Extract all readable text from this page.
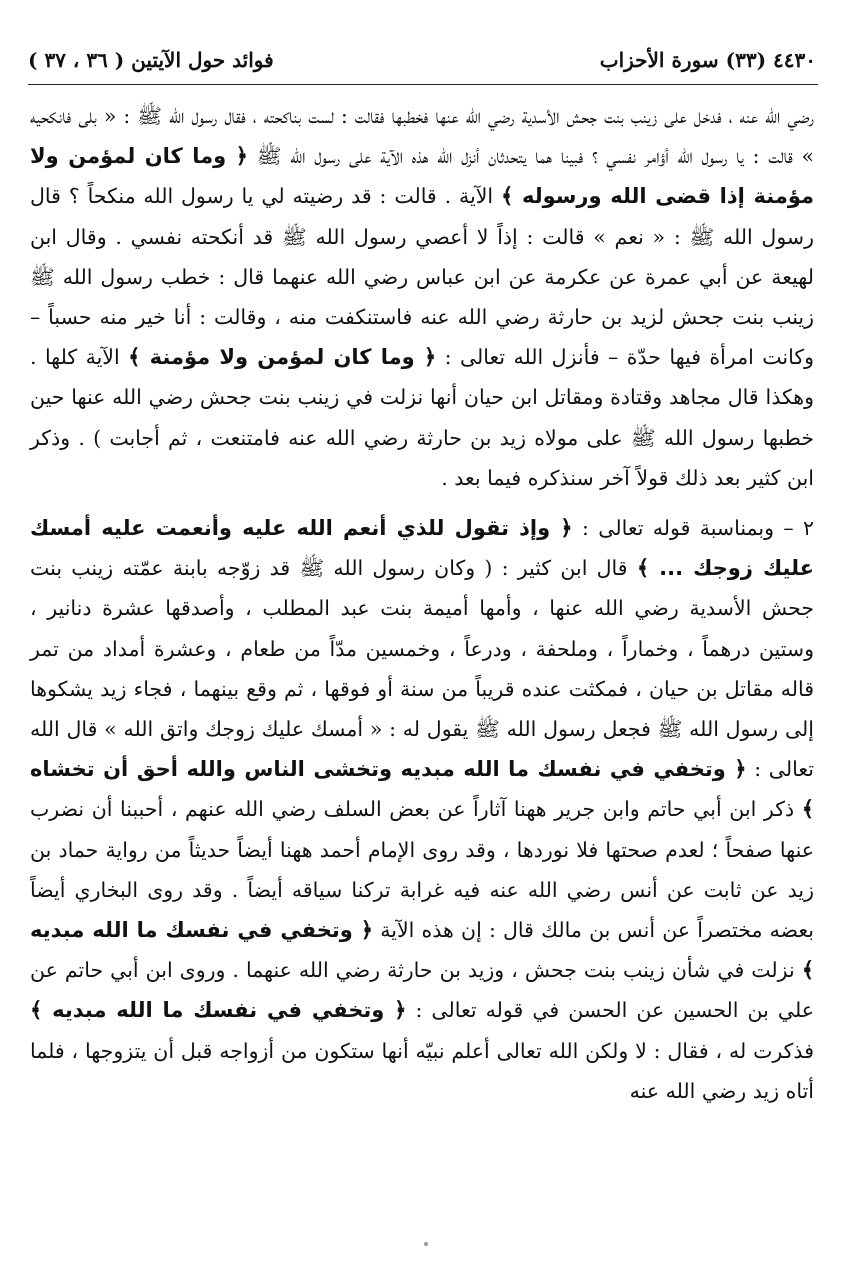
٤٤٣٠ (٣٣) سورة الأحزاب
فوائد حول الآيتين ( ٣٦ ، ٣٧ )

رضي الله عنه ، فدخل على زينب بنت جحش الأسدية رضي الله عنها فخطبها فقالت : لست بناكحته ، فقال رسول الله ﷺ : « بلى فانكحيه » قالت : يا رسول الله أؤامر نفسي ؟ فبينا هما يتحدثان أنزل الله هذه الآية على رسول الله ﷺ ﴿ وما كان لمؤمن ولا مؤمنة إذا قضى الله ورسوله ﴾ الآية . قالت : قد رضيته لي يا رسول الله منكحاً ؟ قال رسول الله ﷺ : « نعم » قالت : إذاً لا أعصي رسول الله ﷺ قد أنكحته نفسي . وقال ابن لهيعة عن أبي عمرة عن عكرمة عن ابن عباس رضي الله عنهما قال : خطب رسول الله ﷺ زينب بنت جحش لزيد بن حارثة رضي الله عنه فاستنكفت منه ، وقالت : أنا خير منه حسباً – وكانت امرأة فيها حدّة – فأنزل الله تعالى : ﴿ وما كان لمؤمن ولا مؤمنة ﴾ الآية كلها . وهكذا قال مجاهد وقتادة ومقاتل ابن حيان أنها نزلت في زينب بنت جحش رضي الله عنها حين خطبها رسول الله ﷺ على مولاه زيد بن حارثة رضي الله عنه فامتنعت ، ثم أجابت ) . وذكر ابن كثير بعد ذلك قولاً آخر سنذكره فيما بعد .

٢ – وبمناسبة قوله تعالى : ﴿ وإذ تقول للذي أنعم الله عليه وأنعمت عليه أمسك عليك زوجك ... ﴾ قال ابن كثير : ( وكان رسول الله ﷺ قد زوّجه بابنة عمّته زينب بنت جحش الأسدية رضي الله عنها ، وأمها أميمة بنت عبد المطلب ، وأصدقها عشرة دنانير ، وستين درهماً ، وخماراً ، وملحفة ، ودرعاً ، وخمسين مدّاً من طعام ، وعشرة أمداد من تمر قاله مقاتل بن حيان ، فمكثت عنده قريباً من سنة أو فوقها ، ثم وقع بينهما ، فجاء زيد يشكوها إلى رسول الله ﷺ فجعل رسول الله ﷺ يقول له : « أمسك عليك زوجك واتق الله » قال الله تعالى : ﴿ وتخفي في نفسك ما الله مبديه وتخشى الناس والله أحق أن تخشاه ﴾ ذكر ابن أبي حاتم وابن جرير ههنا آثاراً عن بعض السلف رضي الله عنهم ، أحببنا أن نضرب عنها صفحاً ؛ لعدم صحتها فلا نوردها ، وقد روى الإمام أحمد ههنا أيضاً حديثاً من رواية حماد بن زيد عن ثابت عن أنس رضي الله عنه فيه غرابة تركنا سياقه أيضاً . وقد روى البخاري أيضاً بعضه مختصراً عن أنس بن مالك قال : إن هذه الآية ﴿ وتخفي في نفسك ما الله مبديه ﴾ نزلت في شأن زينب بنت جحش ، وزيد بن حارثة رضي الله عنهما . وروى ابن أبي حاتم عن علي بن الحسين عن الحسن في قوله تعالى : ﴿ وتخفي في نفسك ما الله مبديه ﴾ فذكرت له ، فقال : لا ولكن الله تعالى أعلم نبيّه أنها ستكون من أزواجه قبل أن يتزوجها ، فلما أتاه زيد رضي الله عنه
